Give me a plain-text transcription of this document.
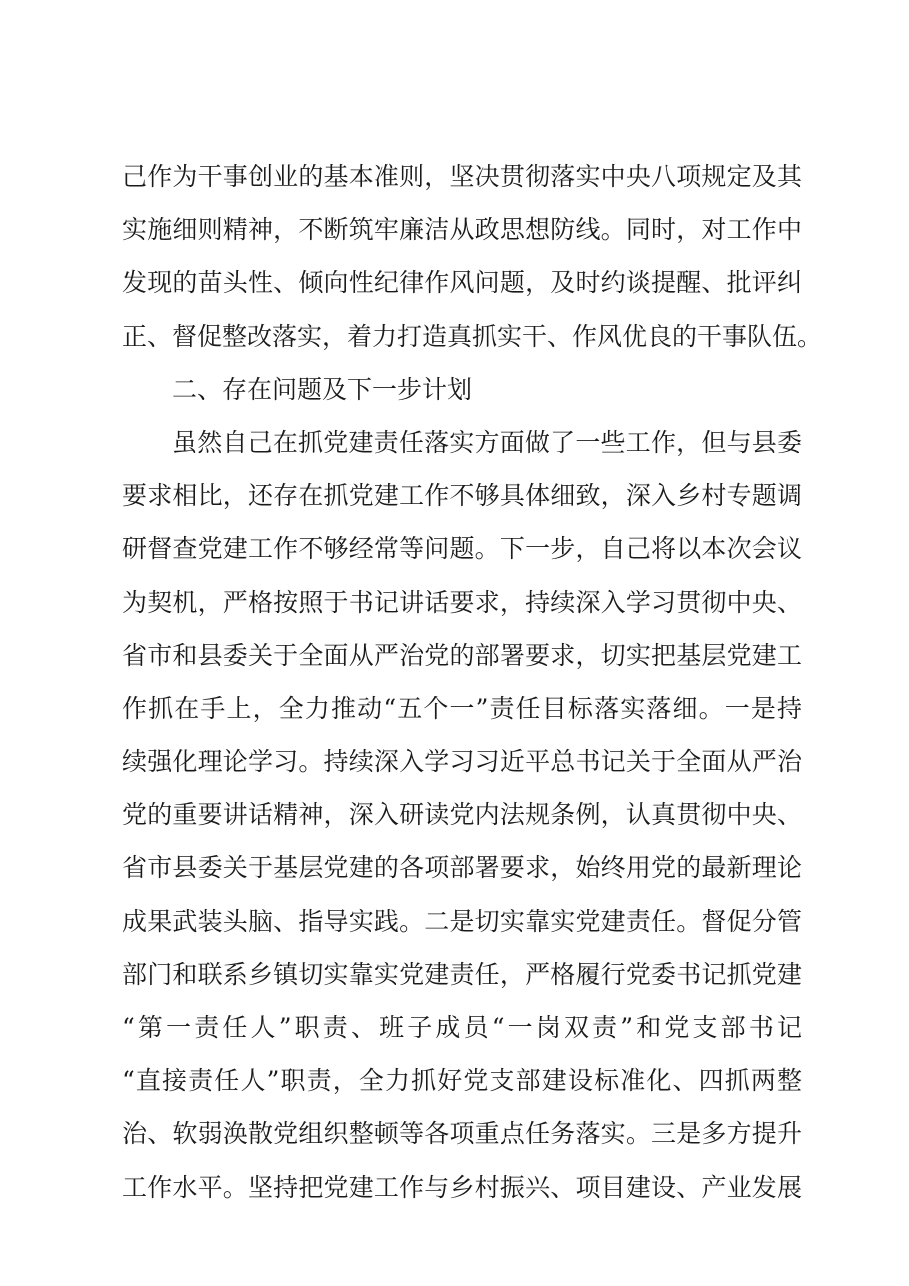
己作为干事创业的基本准则，坚决贯彻落实中央八项规定及其
实施细则精神，不断筑牢廉洁从政思想防线。同时，对工作中
发现的苗头性、倾向性纪律作风问题，及时约谈提醒、批评纠
正、督促整改落实，着力打造真抓实干、作风优良的干事队伍。
二、存在问题及下一步计划
虽然自己在抓党建责任落实方面做了一些工作，但与县委
要求相比，还存在抓党建工作不够具体细致，深入乡村专题调
研督查党建工作不够经常等问题。下一步，自己将以本次会议
为契机，严格按照于书记讲话要求，持续深入学习贯彻中央、
省市和县委关于全面从严治党的部署要求，切实把基层党建工
作抓在手上，全力推动“五个一”责任目标落实落细。一是持
续强化理论学习。持续深入学习习近平总书记关于全面从严治
党的重要讲话精神，深入研读党内法规条例，认真贯彻中央、
省市县委关于基层党建的各项部署要求，始终用党的最新理论
成果武装头脑、指导实践。二是切实靠实党建责任。督促分管
部门和联系乡镇切实靠实党建责任，严格履行党委书记抓党建
“第一责任人”职责、班子成员“一岗双责”和党支部书记
“直接责任人”职责，全力抓好党支部建设标准化、四抓两整
治、软弱涣散党组织整顿等各项重点任务落实。三是多方提升
工作水平。坚持把党建工作与乡村振兴、项目建设、产业发展
